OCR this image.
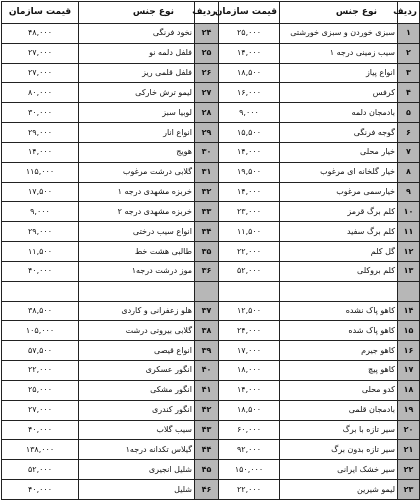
ردیف	نوع جنس	قیمت سازمان	ردیف	نوع جنس	قیمت سازمان
۱	سبزی خوردن و سبزی خورشتی	۲۵,۰۰۰	۲۴	نخود فرنگی	۴۸,۰۰۰
۲	سیب زمینی درجه ۱	۱۴,۰۰۰	۲۵	فلفل دلمه نو	۲۷,۰۰۰
۳	انواع پیاز	۱۸,۵۰۰	۲۶	فلفل قلمی ریز	۲۷,۰۰۰
۴	کرفس	۱۶,۰۰۰	۲۷	لیمو ترش خارکی	۸۰,۰۰۰
۵	بادمجان دلمه	۹,۰۰۰	۲۸	لوبیا سبز	۳۰,۰۰۰
۶	گوجه فرنگی	۱۵,۵۰۰	۲۹	انواع انار	۲۹,۰۰۰
۷	خیار محلی	۱۴,۰۰۰	۳۰	هویج	۱۴,۰۰۰
۸	خیار گلخانه ای مرغوب	۱۹,۵۰۰	۳۱	گلابی درشت مرغوب	۱۱۵,۰۰۰
۹	خیارسمی مرغوب	۱۴,۰۰۰	۳۲	خربزه مشهدی درجه ۱	۱۷,۵۰۰
۱۰	کلم برگ قرمز	۲۳,۰۰۰	۳۳	خربزه مشهدی درجه ۲	۹,۰۰۰
۱۱	کلم برگ سفید	۱۱,۵۰۰	۳۴	انواع سیب درختی	۲۹,۰۰۰
۱۲	گل کلم	۲۲,۰۰۰	۳۵	طالبی هشت خط	۱۱,۵۰۰
۱۳	کلم بروکلی	۵۲,۰۰۰	۳۶	موز درشت درجه۱	۴۰,۰۰۰

۱۴	کاهو پاک نشده	۱۲,۵۰۰	۳۷	هلو زعفرانی و کاردی	۳۸,۵۰۰
۱۵	کاهو پاک شده	۲۴,۰۰۰	۳۸	گلابی بیروتی درشت	۱۰۵,۰۰۰
۱۶	کاهو جیرم	۱۷,۰۰۰	۳۹	انواع قیصی	۵۷,۵۰۰
۱۷	کاهو پیچ	۱۸,۰۰۰	۴۰	انگور عسکری	۲۲,۰۰۰
۱۸	کدو محلی	۱۴,۰۰۰	۴۱	انگور مشکی	۲۵,۰۰۰
۱۹	بادمجان قلمی	۱۸,۵۰۰	۴۲	انگور کندری	۲۷,۰۰۰
۲۰	سیر تازه با برگ	۶۰,۰۰۰	۴۳	سیب گلاب	۴۰,۰۰۰
۲۱	سیر تازه بدون برگ	۹۲,۰۰۰	۴۴	گیلاس تکدانه درجه۱	۱۳۸,۰۰۰
۲۲	سیر خشک ایرانی	۱۵۰,۰۰۰	۴۵	شلیل انجیری	۵۲,۰۰۰
۲۳	لیمو شیرین	۲۲,۰۰۰	۴۶	شلیل	۴۰,۰۰۰
